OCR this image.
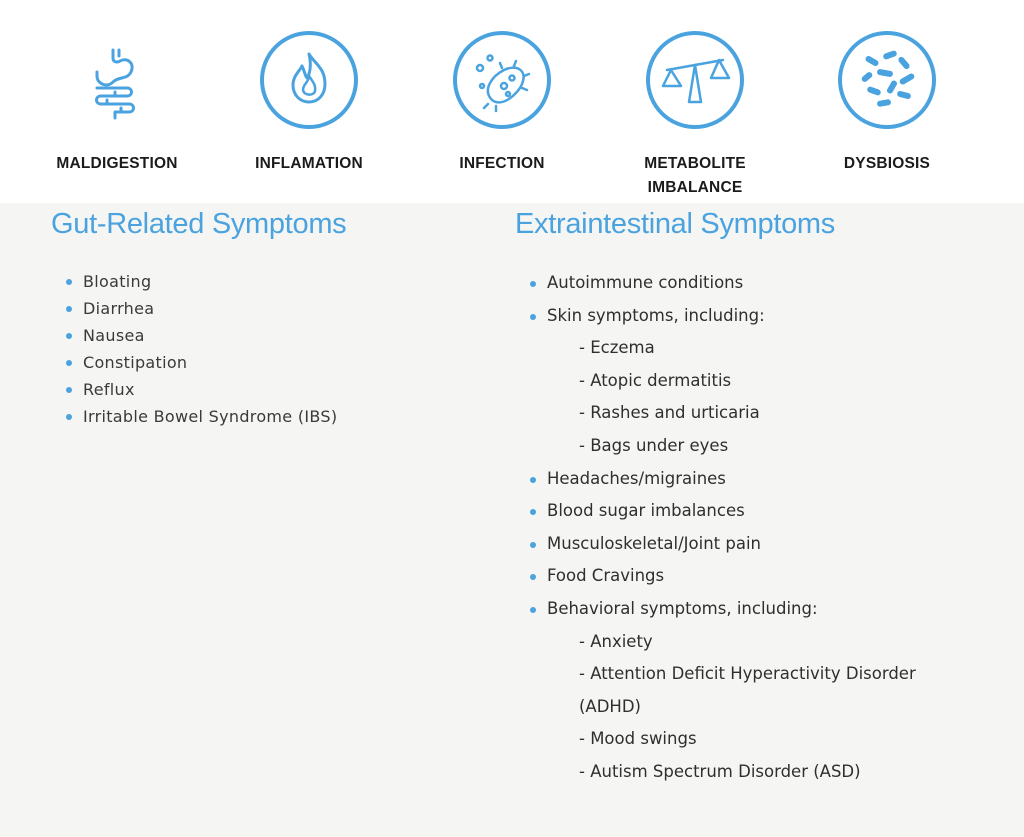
MALDIGESTION	INFLAMATION	INFECTION	METABOLITE
IMBALANCE
DYSBIOSIS
Gut-Related Symptoms
Bloating
Diarrhea
Nausea
Constipation
Reflux
Irritable Bowel Syndrome (IBS)
Extraintestinal Symptoms
Autoimmune conditions
Skin symptoms, including:
- Eczema
- Atopic dermatitis
- Rashes and urticaria
- Bags under eyes
Headaches/migraines
Blood sugar imbalances
Musculoskeletal/Joint pain
Food Cravings
Behavioral symptoms, including:
- Anxiety
- Attention Deficit Hyperactivity Disorder
(ADHD)
- Mood swings
- Autism Spectrum Disorder (ASD)
